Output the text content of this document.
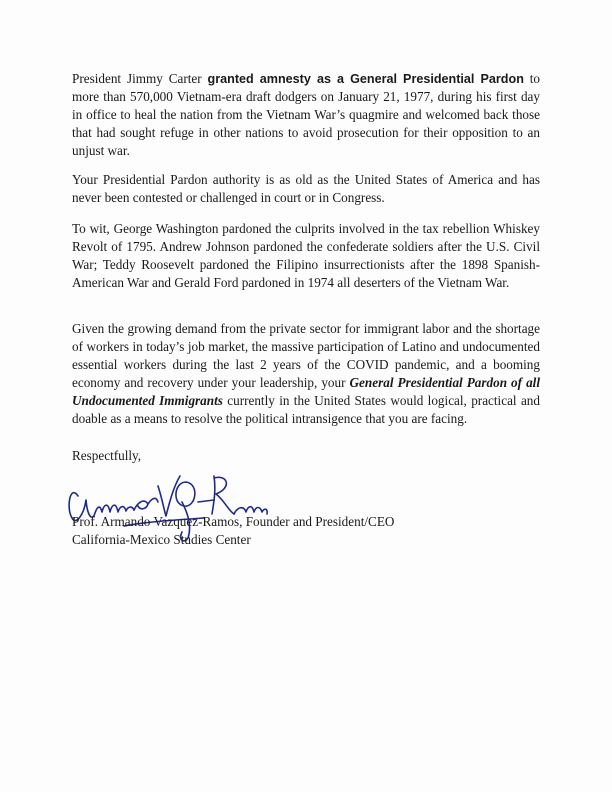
President Jimmy Carter granted amnesty as a General Presidential Pardon to more than 570,000 Vietnam-era draft dodgers on January 21, 1977, during his first day in office to heal the nation from the Vietnam War’s quagmire and welcomed back those that had sought refuge in other nations to avoid prosecution for their opposition to an unjust war.

Your Presidential Pardon authority is as old as the United States of America and has never been contested or challenged in court or in Congress.

To wit, George Washington pardoned the culprits involved in the tax rebellion Whiskey Revolt of 1795. Andrew Johnson pardoned the confederate soldiers after the U.S. Civil War; Teddy Roosevelt pardoned the Filipino insurrectionists after the 1898 Spanish-American War and Gerald Ford pardoned in 1974 all deserters of the Vietnam War.

Given the growing demand from the private sector for immigrant labor and the shortage of workers in today’s job market, the massive participation of Latino and undocumented essential workers during the last 2 years of the COVID pandemic, and a booming economy and recovery under your leadership, your General Presidential Pardon of all Undocumented Immigrants currently in the United States would logical, practical and doable as a means to resolve the political intransigence that you are facing.

Respectfully,
Prof. Armando Vazquez-Ramos, Founder and President/CEO
California-Mexico Studies Center
